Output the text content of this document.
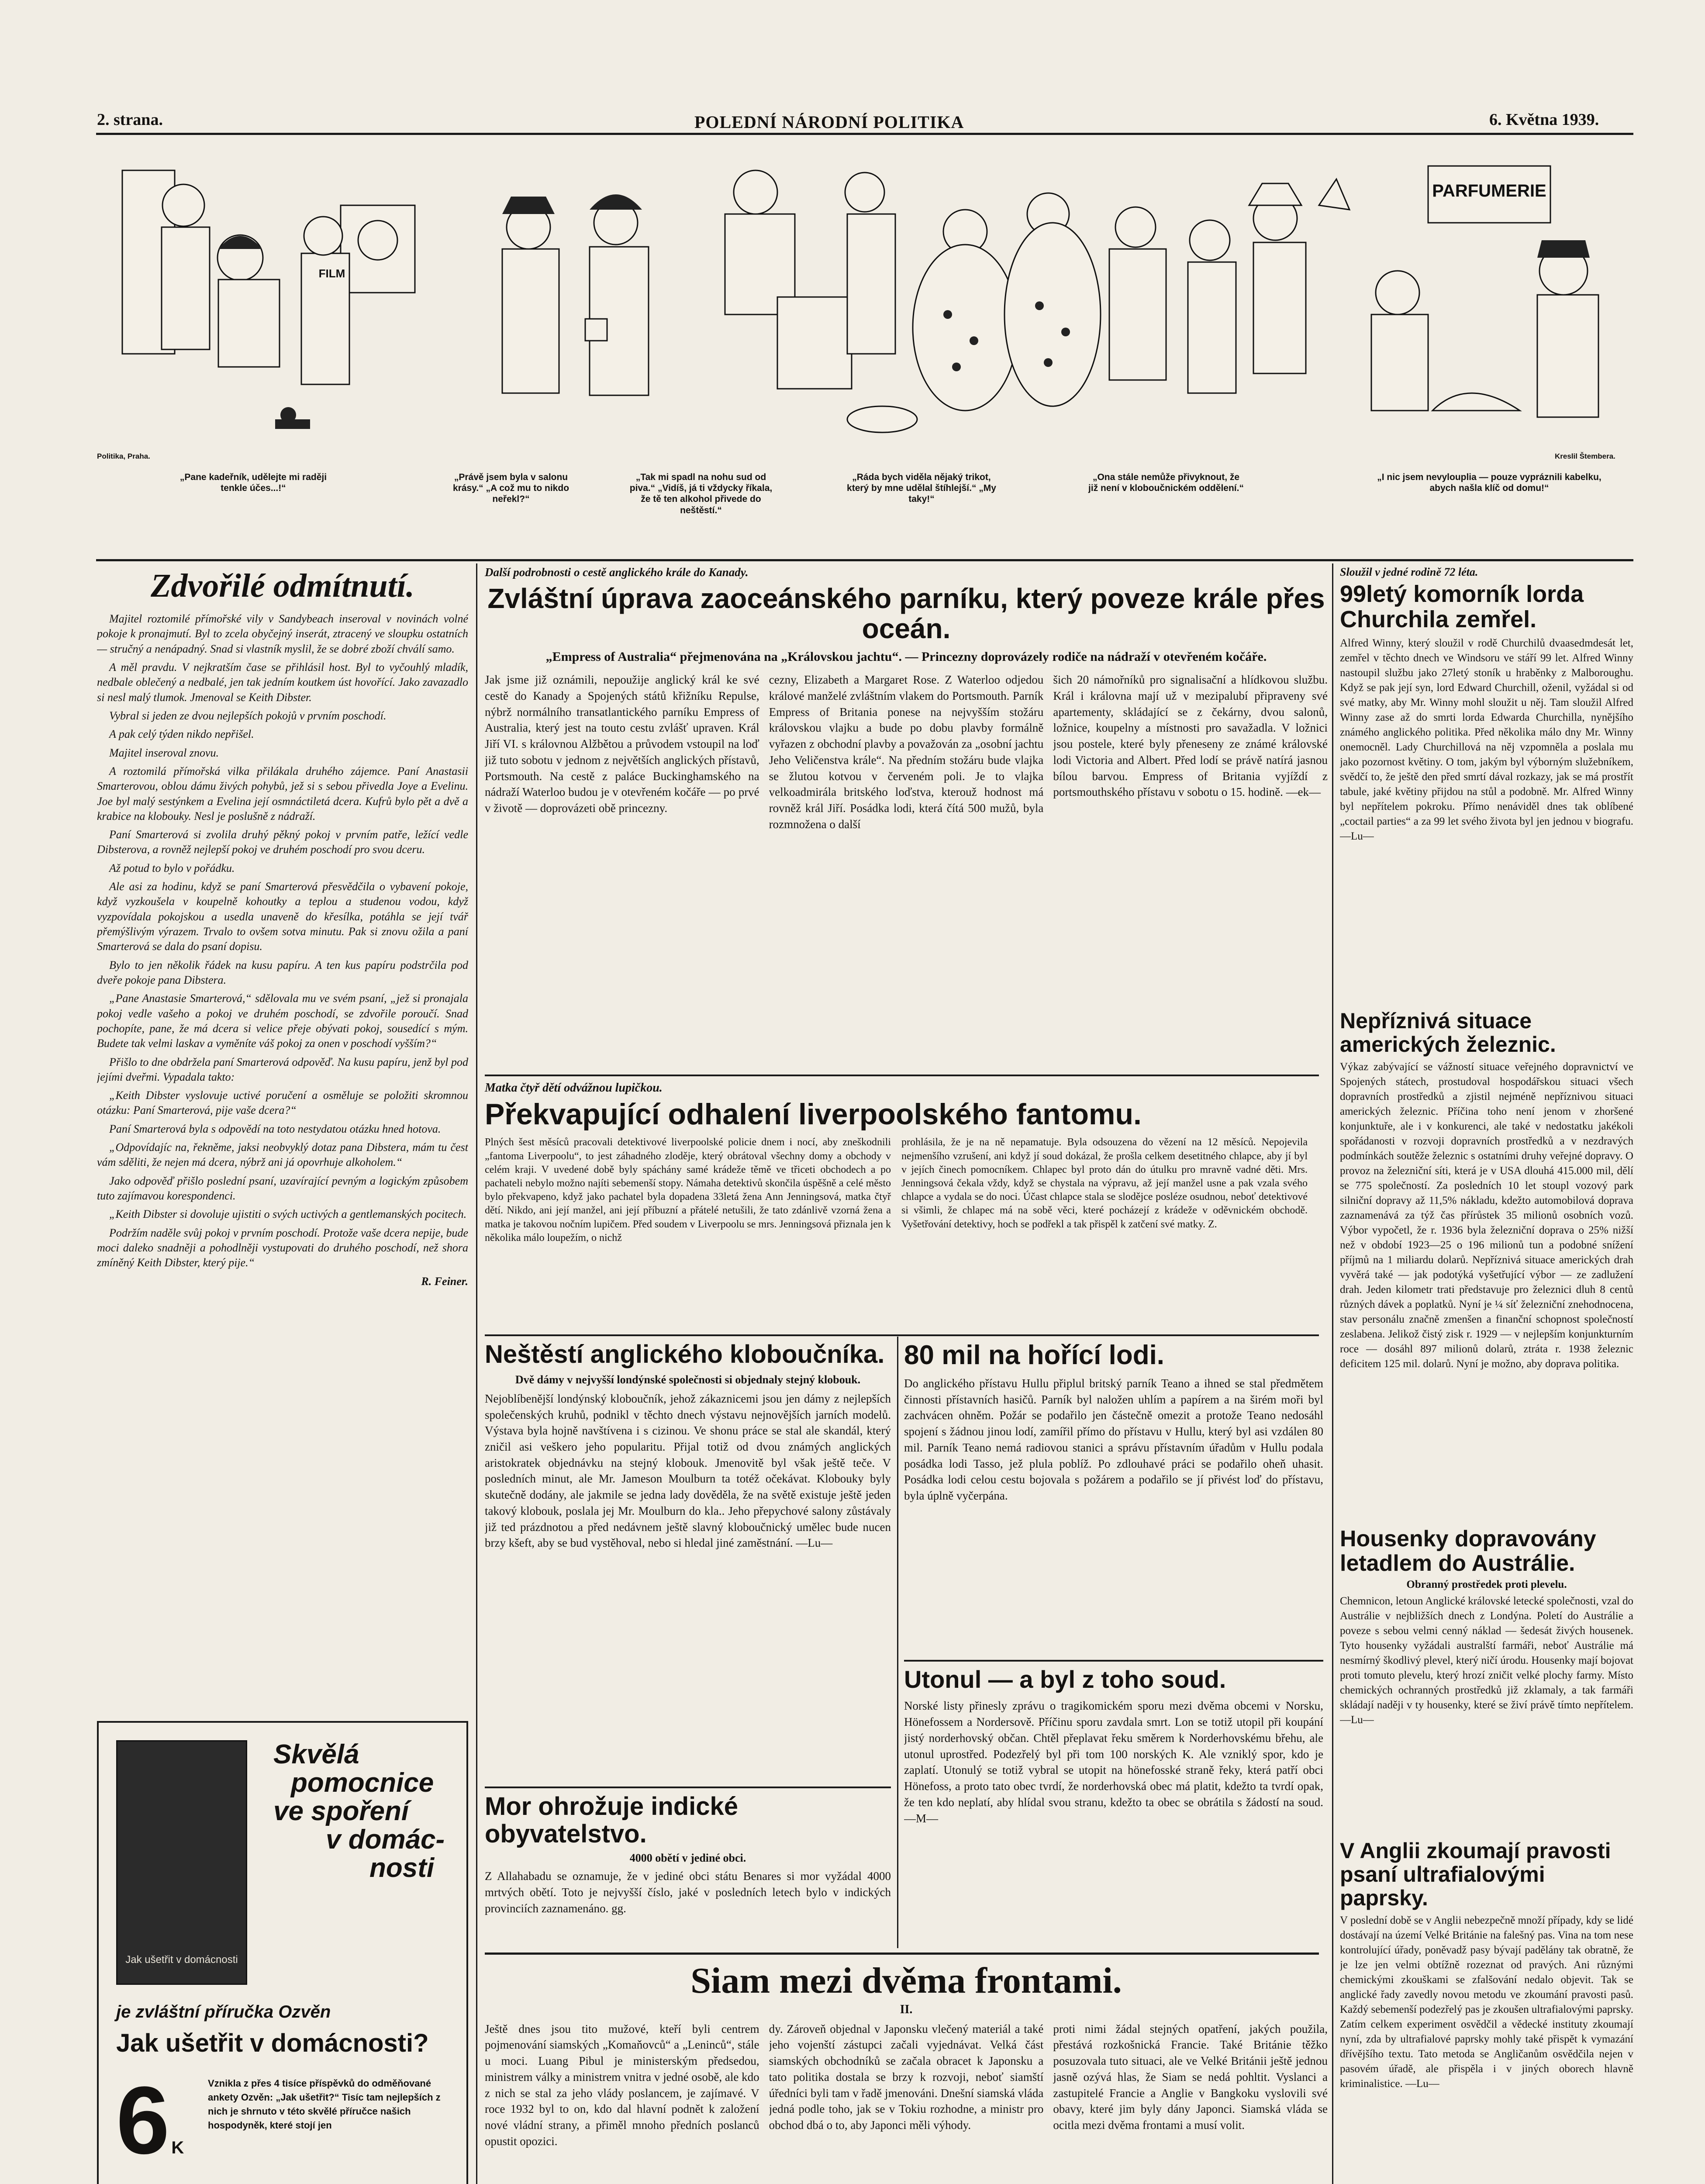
2. strana.	POLEDNÍ NÁRODNÍ POLITIKA	6. Května 1939.
PARFUMERIE
FILM
Politika, Praha.	Kreslil Štembera.
„Pane kadeřník, udělejte mi raději tenkle účes...!“
„Právě jsem byla v salonu krásy.“ „A což mu to nikdo neřekl?“
„Tak mi spadl na nohu sud od piva.“ „Vidíš, já ti vždycky říkala, že tě ten alkohol přivede do neštěstí.“
„Ráda bych viděla nějaký trikot, který by mne udělal štíhlejší.“ „My taky!“
„Ona stále nemůže přivyknout, že již není v kloboučnickém oddělení.“
„I nic jsem nevylouplia — pouze vypráznili kabelku, abych našla klíč od domu!“
Zdvořilé odmítnutí.

Majitel roztomilé přímořské vily v Sandybeach inseroval v novinách volné pokoje k pronajmutí. Byl to zcela obyčejný inserát, ztracený ve sloupku ostatních — stručný a nenápadný. Snad si vlastník myslil, že se dobré zboží chválí samo.

A měl pravdu. V nejkratším čase se přihlásil host. Byl to vyčouhlý mladík, nedbale oblečený a nedbalé, jen tak jedním koutkem úst hovořící. Jako zavazadlo si nesl malý tlumok. Jmenoval se Keith Dibster.

Vybral si jeden ze dvou nejlepších pokojů v prvním poschodí.

A pak celý týden nikdo nepřišel.

Majitel inseroval znovu.

A roztomilá přímořská vilka přilákala druhého zájemce. Paní Anastasii Smarterovou, oblou dámu živých pohybů, jež si s sebou přivedla Joye a Evelinu. Joe byl malý sestýnkem a Evelina její osmnáctiletá dcera. Kufrů bylo pět a dvě a krabice na klobouky. Nesl je poslušně z nádraží.

Paní Smarterová si zvolila druhý pěkný pokoj v prvním patře, ležící vedle Dibsterova, a rovněž nejlepší pokoj ve druhém poschodí pro svou dceru.

Až potud to bylo v pořádku.

Ale asi za hodinu, když se paní Smarterová přesvědčila o vybavení pokoje, když vyzkoušela v koupelně kohoutky a teplou a studenou vodou, když vyzpovídala pokojskou a usedla unaveně do křesílka, potáhla se její tvář přemýšlivým výrazem. Trvalo to ovšem sotva minutu. Pak si znovu ožila a paní Smarterová se dala do psaní dopisu.

Bylo to jen několik řádek na kusu papíru. A ten kus papíru podstrčila pod dveře pokoje pana Dibstera.

„Pane Anastasie Smarterová,“ sdělovala mu ve svém psaní, „jež si pronajala pokoj vedle vašeho a pokoj ve druhém poschodí, se zdvořile poroučí. Snad pochopíte, pane, že má dcera si velice přeje obývati pokoj, sousedící s mým. Budete tak velmi laskav a vyměníte váš pokoj za onen v poschodí vyšším?“

Přišlo to dne obdržela paní Smarterová odpověď. Na kusu papíru, jenž byl pod jejími dveřmi. Vypadala takto:

„Keith Dibster vyslovuje uctivé poručení a osměluje se položiti skromnou otázku: Paní Smarterová, pije vaše dcera?“

Paní Smarterová byla s odpovědí na toto nestydatou otázku hned hotova.

„Odpovídajíc na, řekněme, jaksi neobvyklý dotaz pana Dibstera, mám tu čest vám sděliti, že nejen má dcera, nýbrž ani já opovrhuje alkoholem.“

Jako odpověď přišlo poslední psaní, uzavírající pevným a logickým způsobem tuto zajímavou korespondenci.

„Keith Dibster si dovoluje ujistiti o svých uctivých a gentlemanských pocitech.

Podržím naděle svůj pokoj v prvním poschodí. Protože vaše dcera nepije, bude moci daleko snadněji a pohodlněji vystupovati do druhého poschodí, než shora zmíněný Keith Dibster, který pije.“

R. Feiner.
Jak ušetřit v domácnosti
Skvělá
pomocnice
ve spoření
v domác-
nosti
je zvláštní příručka Ozvěn
Jak ušetřit v domácnosti?
6 K
Vznikla z přes 4 tisíce příspěvků do odměňované ankety Ozvěn: „Jak ušetřit?“ Tisíc tam nejlepších z nich je shrnuto v této skvělé příručce našich hospodyněk, které stojí jen
Další podrobnosti o cestě anglického krále do Kanady.
Zvláštní úprava zaoceánského parníku, který poveze krále přes oceán.
„Empress of Australia“ přejmenována na „Královskou jachtu“. — Princezny doprovázely rodiče na nádraží v otevřeném kočáře.
Jak jsme již oznámili, nepoužije anglický král ke své cestě do Kanady a Spojených států křižníku Repulse, nýbrž normálního transatlantického parníku Empress of Australia, který jest na touto cestu zvlášť upraven. Král Jiří VI. s královnou Alžbětou a průvodem vstoupil na loď již tuto sobotu v jednom z největších anglických přístavů, Portsmouth. Na cestě z paláce Buckinghamského na nádraží Waterloo budou je v otevřeném kočáře — po prvé v životě — doprovázeti obě princezny.
cezny, Elizabeth a Margaret Rose. Z Waterloo odjedou králové manželé zvláštním vlakem do Portsmouth. Parník Empress of Britania ponese na nejvyšším stožáru královskou vlajku a bude po dobu plavby formálně vyřazen z obchodní plavby a považován za „osobní jachtu Jeho Veličenstva krále“. Na předním stožáru bude vlajka se žlutou kotvou v červeném poli. Je to vlajka velkoadmirála britského loďstva, kterouž hodnost má rovněž král Jiří. Posádka lodi, která čítá 500 mužů, byla rozmnožena o další
šich 20 námořníků pro signalisační a hlídkovou službu. Král i královna mají už v mezipalubí připraveny své apartementy, skládající se z čekárny, dvou salonů, ložnice, koupelny a místnosti pro savažadla. V ložnici jsou postele, které byly přeneseny ze známé královské lodi Victoria and Albert. Před lodí se právě natírá jasnou bílou barvou. Empress of Britania vyjíždí z portsmouthského přístavu v sobotu o 15. hodině. —ek—
Matka čtyř dětí odvážnou lupičkou.
Překvapující odhalení liverpoolského fantomu.
Plných šest měsíců pracovali detektivové liverpoolské policie dnem i nocí, aby zneškodnili „fantoma Liverpoolu“, to jest záhadného zloděje, který obrátoval všechny domy a obchody v celém kraji. V uvedené době byly spáchány samé krádeže těmě ve třiceti obchodech a po pachateli nebylo možno najíti sebemenší stopy. Námaha detektivů skončila úspěšně a celé město bylo překvapeno, když jako pachatel byla dopadena 33letá žena Ann Jenningsová, matka čtyř dětí. Nikdo, ani její manžel, ani její příbuzní a přátelé netušili, že tato zdánlivě vzorná žena a matka je takovou nočním lupičem. Před soudem v Liverpoolu se mrs. Jenningsová přiznala jen k několika málo loupežím, o nichž
prohlásila, že je na ně nepamatuje. Byla odsouzena do vězení na 12 měsíců. Nepojevila nejmenšího vzrušení, ani když jí soud dokázal, že prošla celkem desetitného chlapce, aby jí byl v jejích činech pomocníkem. Chlapec byl proto dán do útulku pro mravně vadné děti. Mrs. Jenningsová čekala vždy, když se chystala na výpravu, až její manžel usne a pak vzala svého chlapce a vydala se do noci. Účast chlapce stala se slodějce posléze osudnou, neboť detektivové si všimli, že chlapec má na sobě věci, které pocházejí z krádeže v oděvnickém obchodě. Vyšetřování detektivy, hoch se podřekl a tak přispěl k zatčení své matky. Z.
Neštěstí anglického kloboučníka.
Dvě dámy v nejvyšší londýnské společnosti si objednaly stejný klobouk.
Nejoblíbenější londýnský kloboučník, jehož zákaznicemi jsou jen dámy z nejlepších společenských kruhů, podnikl v těchto dnech výstavu nejnovějších jarních modelů. Výstava byla hojně navštívena i s cizinou. Ve shonu práce se stal ale skandál, který zničil asi veškero jeho popularitu. Přijal totiž od dvou známých anglických aristokratek objednávku na stejný klobouk. Jmenovitě byl však ještě teče. V posledních minut, ale Mr. Jameson Moulburn ta totéž očekávat. Klobouky byly skutečně dodány, ale jakmile se jedna lady dověděla, že na světě existuje ještě jeden takový klobouk, poslala jej Mr. Moulburn do kla.. Jeho přepychové salony zůstávaly již ted prázdnotou a před nedávnem ještě slavný kloboučnický umělec bude nucen brzy kšeft, aby se bud vystěhoval, nebo si hledal jiné zaměstnání. —Lu—
Mor ohrožuje indické obyvatelstvo.
4000 obětí v jediné obci.
Z Allahabadu se oznamuje, že v jediné obci státu Benares si mor vyžádal 4000 mrtvých obětí. Toto je nejvyšší číslo, jaké v posledních letech bylo v indických provinciích zaznamenáno. gg.
80 mil na hořící lodi.
Do anglického přístavu Hullu připlul britský parník Teano a ihned se stal předmětem činnosti přístavních hasičů. Parník byl naložen uhlím a papírem a na širém moři byl zachvácen ohněm. Požár se podařilo jen částečně omezit a protože Teano nedosáhl spojení s žádnou jinou lodí, zamířil přímo do přístavu v Hullu, který byl asi vzdálen 80 mil. Parník Teano nemá radiovou stanici a správu přístavním úřadům v Hullu podala posádka lodi Tasso, jež plula poblíž. Po zdlouhavé práci se podařilo oheň uhasit. Posádka lodi celou cestu bojovala s požárem a podařilo se jí přivést loď do přístavu, byla úplně vyčerpána.
Utonul — a byl z toho soud.
Norské listy přinesly zprávu o tragikomickém sporu mezi dvěma obcemi v Norsku, Hönefossem a Nordersově. Příčinu sporu zavdala smrt. Lon se totiž utopil při koupání jistý norderhovský občan. Chtěl přeplavat řeku směrem k Norderhovskému břehu, ale utonul uprostřed. Podezřelý byl při tom 100 norských K. Ale vzniklý spor, kdo je zaplatí. Utonulý se totiž vybral se utopit na hönefosské straně řeky, která patří obci Hönefoss, a proto tato obec tvrdí, že norderhovská obec má platit, kdežto ta tvrdí opak, že ten kdo neplatí, aby hlídal svou stranu, kdežto ta obec se obrátila s žádostí na soud. —M—
Siam mezi dvěma frontami.
II.
Ještě dnes jsou tito mužové, kteří byli centrem pojmenování siamských „Komaňovců“ a „Leninců“, stále u moci. Luang Pibul je ministerským předsedou, ministrem války a ministrem vnitra v jedné osobě, ale kdo z nich se stal za jeho vlády poslancem, je zajímavé. V roce 1932 byl to on, kdo dal hlavní podnět k založení nové vládní strany, a přiměl mnoho předních poslanců opustit opozici.
dy. Zároveň objednal v Japonsku vlečený materiál a také jeho vojenští zástupci začali vyjednávat. Velká část siamských obchodníků se začala obracet k Japonsku a tato politika dostala se brzy k rozvoji, neboť siamští úředníci byli tam v řadě jmenováni. Dnešní siamská vláda jedná podle toho, jak se v Tokiu rozhodne, a ministr pro obchod dbá o to, aby Japonci měli výhody.
proti nimi žádal stejných opatření, jakých použila, přestává rozkošnická Francie. Také Británie těžko posuzovala tuto situaci, ale ve Velké Británii ještě jednou jasně ozývá hlas, že Siam se nedá pohltit. Vyslanci a zastupitelé Francie a Anglie v Bangkoku vyslovili své obavy, které jim byly dány Japonci. Siamská vláda se ocitla mezi dvěma frontami a musí volit.
Sloužil v jedné rodině 72 léta.
99letý komorník lorda Churchila zemřel.
Alfred Winny, který sloužil v rodě Churchilů dvaasedmdesát let, zemřel v těchto dnech ve Windsoru ve stáří 99 let. Alfred Winny nastoupil službu jako 27letý stoník u hraběnky z Malboroughu. Když se pak její syn, lord Edward Churchill, oženil, vyžádal si od své matky, aby Mr. Winny mohl sloužit u něj. Tam sloužil Alfred Winny zase až do smrti lorda Edwarda Churchilla, nynějšího známého anglického politika. Před několika málo dny Mr. Winny onemocněl. Lady Churchillová na něj vzpomněla a poslala mu jako pozornost květiny. O tom, jakým byl výborným služebníkem, svědčí to, že ještě den před smrtí dával rozkazy, jak se má prostřít tabule, jaké květiny přijdou na stůl a podobně. Mr. Alfred Winny byl nepřítelem pokroku. Přímo nenáviděl dnes tak oblíbené „coctail parties“ a za 99 let svého života byl jen jednou v biografu. —Lu—
Nepříznivá situace amerických železnic.
Výkaz zabývající se vážností situace veřejného dopravnictví ve Spojených státech, prostudoval hospodářskou situaci všech dopravních prostředků a zjistil nejméně nepříznivou situaci amerických železnic. Příčina toho není jenom v zhoršené konjunktuře, ale i v konkurenci, ale také v nedostatku jakékoli spořádanosti v rozvoji dopravních prostředků a v nezdravých podmínkách soutěže železnic s ostatními druhy veřejné dopravy. O provoz na železniční síti, která je v USA dlouhá 415.000 mil, dělí se 775 společností. Za posledních 10 let stoupl vozový park silniční dopravy až 11,5% nákladu, kdežto automobilová doprava zaznamenává za týž čas přírůstek 35 milionů osobních vozů. Výbor vypočetl, že r. 1936 byla železniční doprava o 25% nižší než v období 1923—25 o 196 milionů tun a podobné snížení příjmů na 1 miliardu dolarů. Nepříznivá situace amerických drah vyvěrá také — jak podotýká vyšetřující výbor — ze zadlužení drah. Jeden kilometr trati představuje pro železnici dluh 8 centů různých dávek a poplatků. Nyní je ¼ síť železniční znehodnocena, stav personálu značně zmenšen a finanční schopnost společností zeslabena. Jelikož čistý zisk r. 1929 — v nejlepším konjunkturním roce — dosáhl 897 milionů dolarů, ztráta r. 1938 železnic deficitem 125 mil. dolarů. Nyní je možno, aby doprava politika.
Housenky dopravovány letadlem do Austrálie.
Obranný prostředek proti plevelu.
Chemnicon, letoun Anglické královské letecké společnosti, vzal do Austrálie v nejbližších dnech z Londýna. Poletí do Austrálie a poveze s sebou velmi cenný náklad — šedesát živých housenek. Tyto housenky vyžádali australští farmáři, neboť Austrálie má nesmírný škodlivý plevel, který ničí úrodu. Housenky mají bojovat proti tomuto plevelu, který hrozí zničit velké plochy farmy. Místo chemických ochranných prostředků již zklamaly, a tak farmáři skládají naději v ty housenky, které se živí právě tímto nepřítelem. —Lu—
V Anglii zkoumají pravosti psaní ultrafialovými paprsky.
V poslední době se v Anglii nebezpečně množí případy, kdy se lidé dostávají na území Velké Británie na falešný pas. Vina na tom nese kontrolující úřady, poněvadž pasy bývají padělány tak obratně, že je lze jen velmi obtížně rozeznat od pravých. Ani různými chemickými zkouškami se zfalšování nedalo objevit. Tak se anglické řady zavedly novou metodu ve zkoumání pravosti pasů. Každý sebemenší podezřelý pas je zkoušen ultrafialovými paprsky. Zatím celkem experiment osvědčil a vědecké instituty zkoumají nyní, zda by ultrafialové paprsky mohly také přispět k vymazání dřívějšího textu. Tato metoda se Angličanům osvědčila nejen v pasovém úřadě, ale přispěla i v jiných oborech hlavně kriminalistice. —Lu—
